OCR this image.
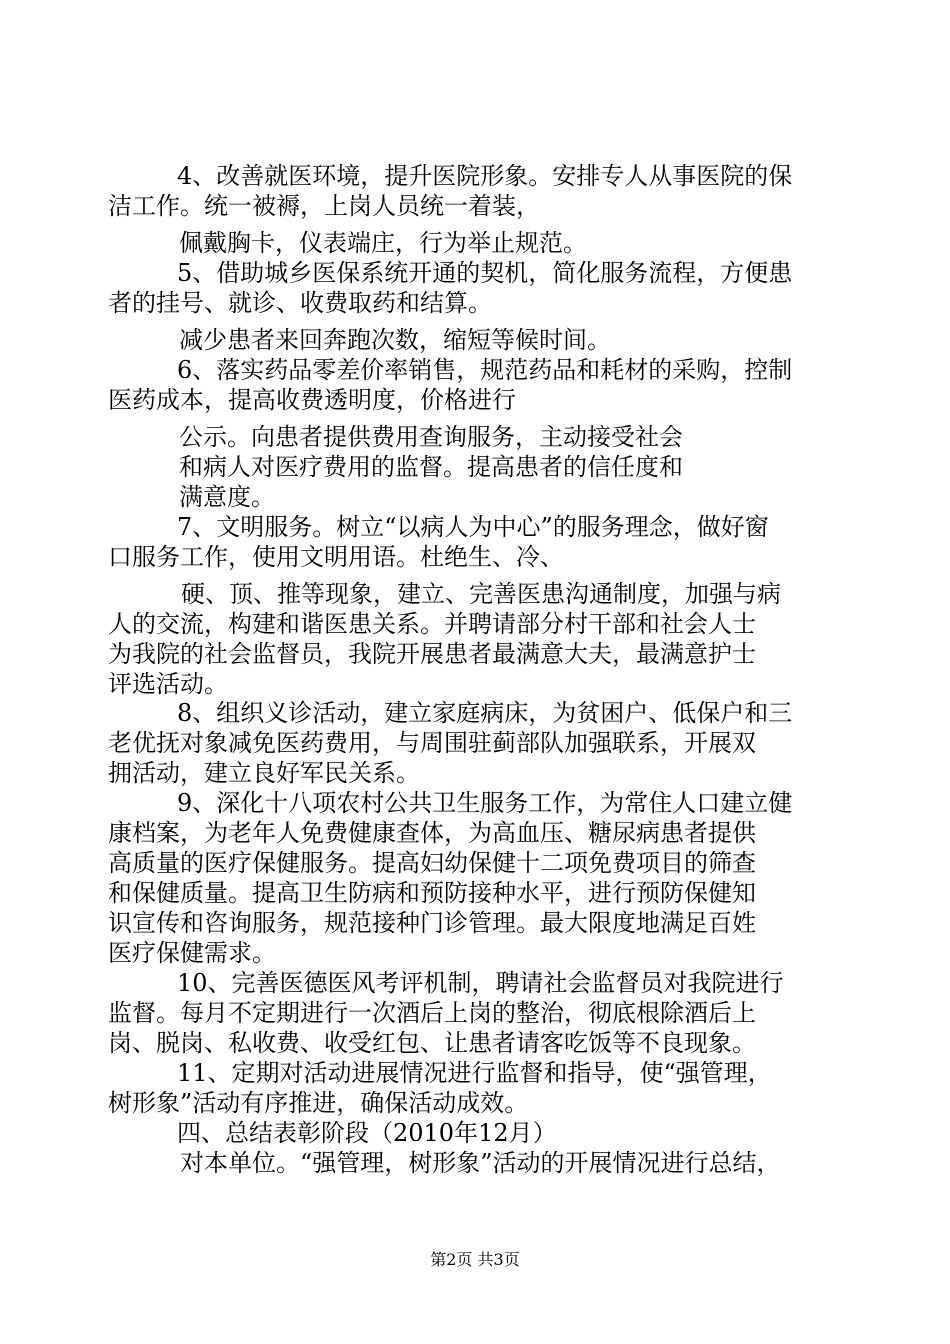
4、改善就医环境，提升医院形象。安排专人从事医院的保
洁工作。统一被褥，上岗人员统一着装，
佩戴胸卡，仪表端庄，行为举止规范。
5、借助城乡医保系统开通的契机，简化服务流程，方便患
者的挂号、就诊、收费取药和结算。
减少患者来回奔跑次数，缩短等候时间。
6、落实药品零差价率销售，规范药品和耗材的采购，控制
医药成本，提高收费透明度，价格进行
公示。向患者提供费用查询服务，主动接受社会
和病人对医疗费用的监督。提高患者的信任度和
满意度。
7、文明服务。树立“以病人为中心”的服务理念，做好窗
口服务工作，使用文明用语。杜绝生、冷、
硬、顶、推等现象，建立、完善医患沟通制度，加强与病
人的交流，构建和谐医患关系。并聘请部分村干部和社会人士
为我院的社会监督员，我院开展患者最满意大夫，最满意护士
评选活动。
8、组织义诊活动，建立家庭病床，为贫困户、低保户和三
老优抚对象减免医药费用，与周围驻蓟部队加强联系，开展双
拥活动，建立良好军民关系。
9、深化十八项农村公共卫生服务工作，为常住人口建立健
康档案，为老年人免费健康查体，为高血压、糖尿病患者提供
高质量的医疗保健服务。提高妇幼保健十二项免费项目的筛查
和保健质量。提高卫生防病和预防接种水平，进行预防保健知
识宣传和咨询服务，规范接种门诊管理。最大限度地满足百姓
医疗保健需求。
10、完善医德医风考评机制，聘请社会监督员对我院进行
监督。每月不定期进行一次酒后上岗的整治，彻底根除酒后上
岗、脱岗、私收费、收受红包、让患者请客吃饭等不良现象。
11、定期对活动进展情况进行监督和指导，使“强管理，
树形象”活动有序推进，确保活动成效。
四、总结表彰阶段（2010年12月）
对本单位。“强管理，树形象”活动的开展情况进行总结，
第2页 共3页
